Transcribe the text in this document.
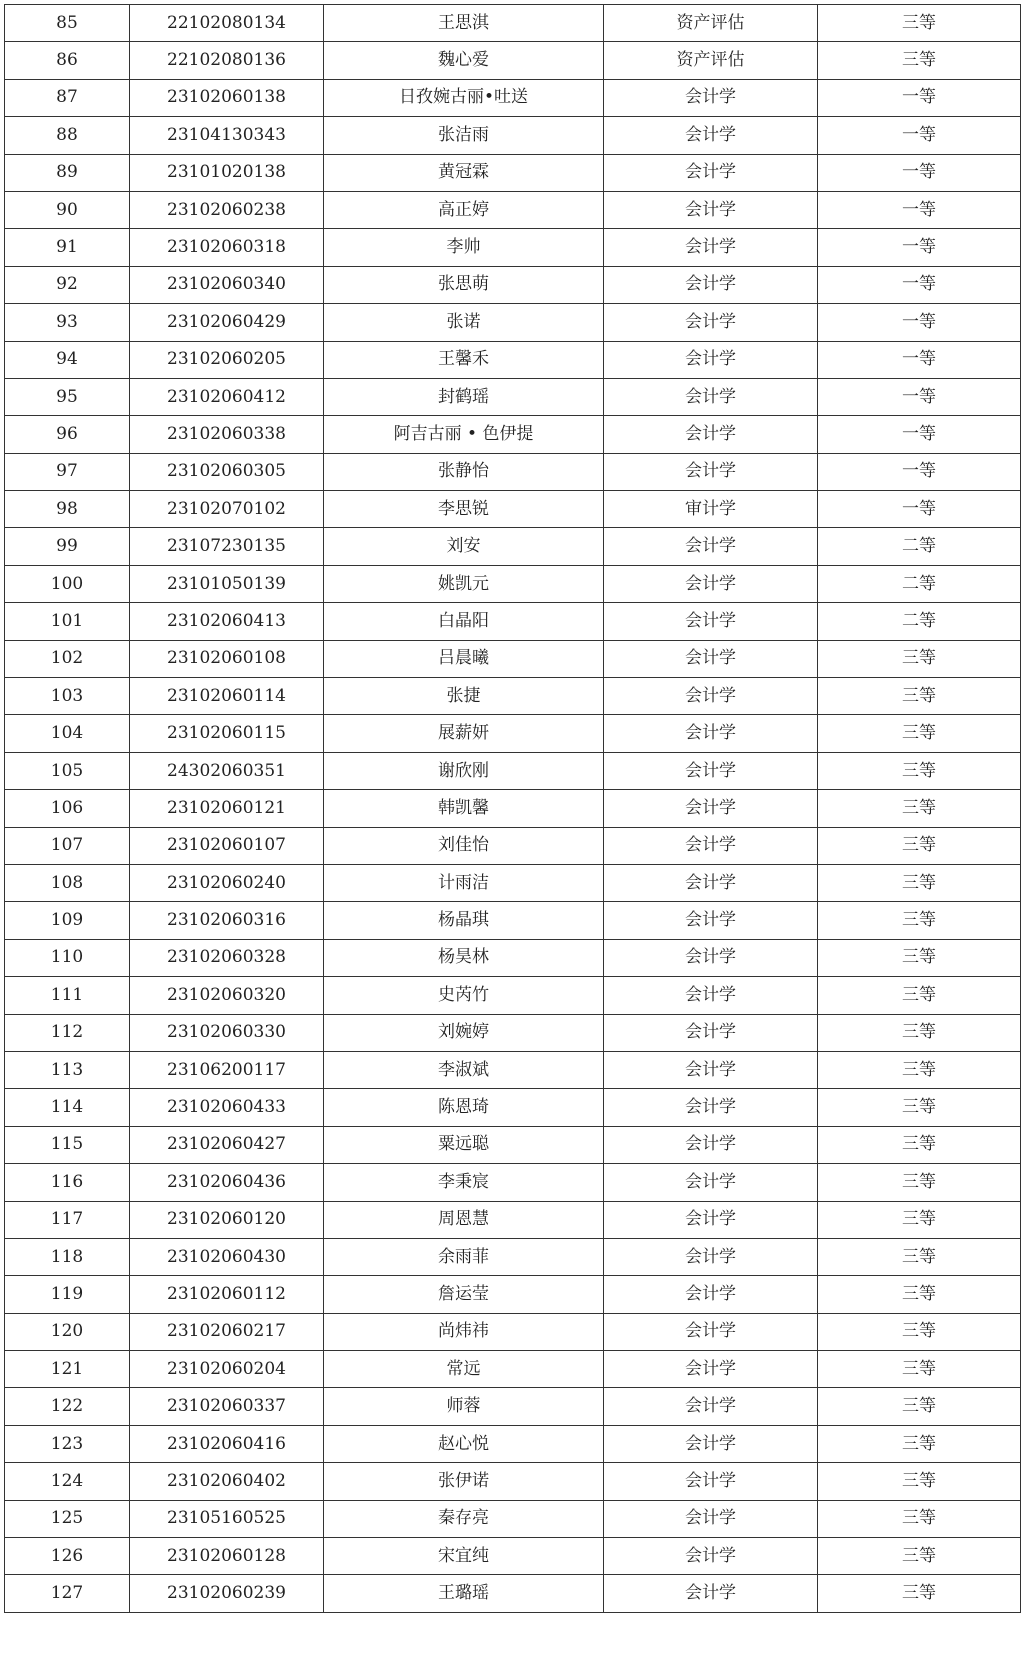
85	22102080134	王思淇	资产评估	三等
86	22102080136	魏心爱	资产评估	三等
87	23102060138	日孜婉古丽•吐送	会计学	一等
88	23104130343	张洁雨	会计学	一等
89	23101020138	黄冠霖	会计学	一等
90	23102060238	高正婷	会计学	一等
91	23102060318	李帅	会计学	一等
92	23102060340	张思萌	会计学	一等
93	23102060429	张诺	会计学	一等
94	23102060205	王馨禾	会计学	一等
95	23102060412	封鹤瑶	会计学	一等
96	23102060338	阿吉古丽 • 色伊提	会计学	一等
97	23102060305	张静怡	会计学	一等
98	23102070102	李思锐	审计学	一等
99	23107230135	刘安	会计学	二等
100	23101050139	姚凯元	会计学	二等
101	23102060413	白晶阳	会计学	二等
102	23102060108	吕晨曦	会计学	三等
103	23102060114	张捷	会计学	三等
104	23102060115	展薪妍	会计学	三等
105	24302060351	谢欣刚	会计学	三等
106	23102060121	韩凯馨	会计学	三等
107	23102060107	刘佳怡	会计学	三等
108	23102060240	计雨洁	会计学	三等
109	23102060316	杨晶琪	会计学	三等
110	23102060328	杨昊林	会计学	三等
111	23102060320	史芮竹	会计学	三等
112	23102060330	刘婉婷	会计学	三等
113	23106200117	李淑斌	会计学	三等
114	23102060433	陈恩琦	会计学	三等
115	23102060427	粟远聪	会计学	三等
116	23102060436	李秉宸	会计学	三等
117	23102060120	周恩慧	会计学	三等
118	23102060430	余雨菲	会计学	三等
119	23102060112	詹运莹	会计学	三等
120	23102060217	尚炜祎	会计学	三等
121	23102060204	常远	会计学	三等
122	23102060337	师蓉	会计学	三等
123	23102060416	赵心悦	会计学	三等
124	23102060402	张伊诺	会计学	三等
125	23105160525	秦存亮	会计学	三等
126	23102060128	宋宜纯	会计学	三等
127	23102060239	王璐瑶	会计学	三等
